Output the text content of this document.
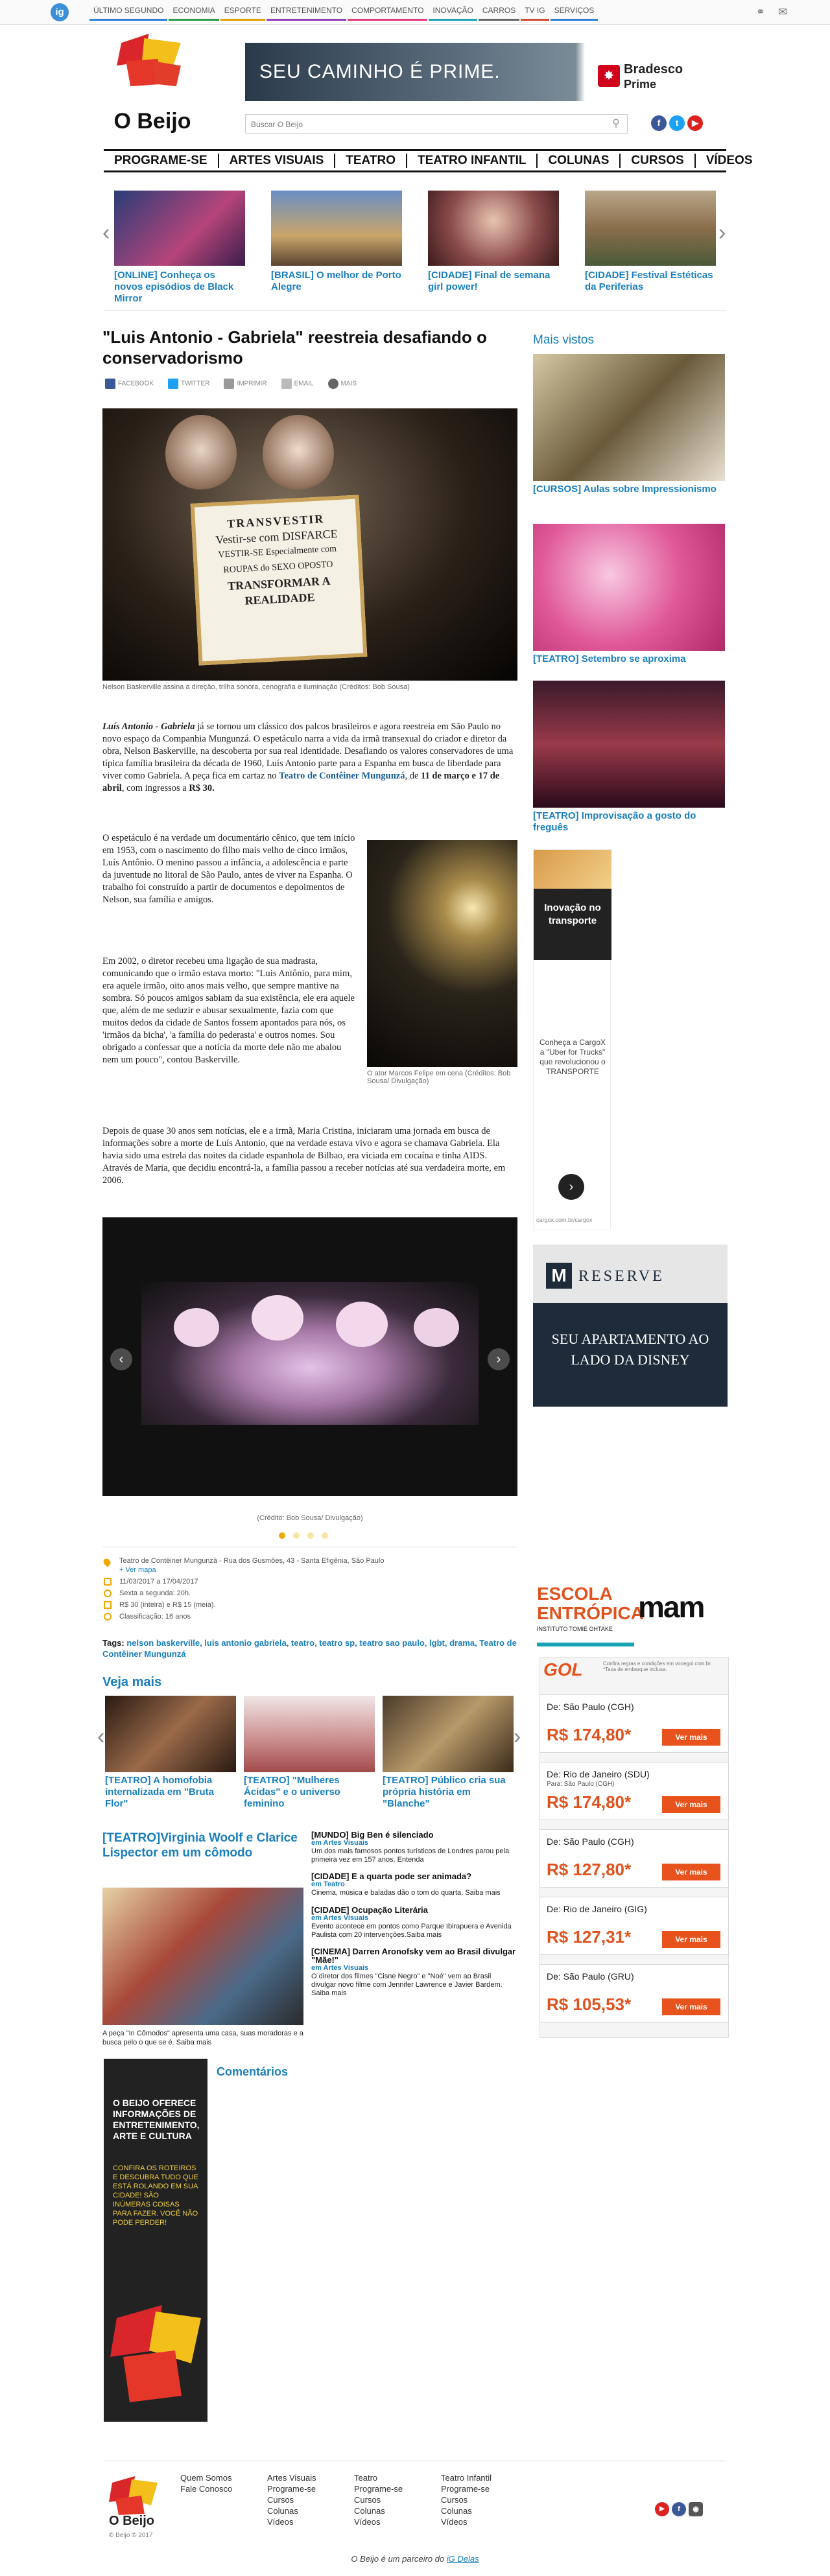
ig	ÚLTIMO SEGUNDO	ECONOMIA	ESPORTE	ENTRETENIMENTO	COMPORTAMENTO	INOVAÇÃO	CARROS	TV IG	SERVIÇOS	⚭ ✉
O Beijo
SEU CAMINHO É PRIME.	✸ Bradesco
Prime
Buscar O Beijo	⚲	f	t	▶
PROGRAME-SE	ARTES VISUAIS	TEATRO	TEATRO INFANTIL	COLUNAS	CURSOS	VÍDEOS
‹	›
[ONLINE] Conheça os novos episódios de Black Mirror
[BRASIL] O melhor de Porto Alegre
[CIDADE] Final de semana girl power!
[CIDADE] Festival Estéticas da Periferias
"Luis Antonio - Gabriela" reestreia desafiando o conservadorismo
FACEBOOK	TWITTER	IMPRIMIR	EMAIL	MAIS
TRANSVESTIR
Vestir-se com DISFARCE
VESTIR-SE Especialmente com
ROUPAS do SEXO OPOSTO
TRANSFORMAR A
REALIDADE
Nelson Baskerville assina a direção, trilha sonora, cenografia e iluminação (Créditos: Bob Sousa)
Luís Antonio - Gabriela já se tornou um clássico dos palcos brasileiros e agora reestreia em São Paulo no novo espaço da Companhia Mungunzá. O espetáculo narra a vida da irmã transexual do criador e diretor da obra, Nelson Baskerville, na descoberta por sua real identidade. Desafiando os valores conservadores de uma típica família brasileira da década de 1960, Luís Antonio parte para a Espanha em busca de liberdade para viver como Gabriela. A peça fica em cartaz no Teatro de Contêiner Mungunzá, de 11 de março e 17 de abril, com ingressos a R$ 30.
O espetáculo é na verdade um documentário cênico, que tem início em 1953, com o nascimento do filho mais velho de cinco irmãos, Luís Antônio. O menino passou a infância, a adolescência e parte da juventude no litoral de São Paulo, antes de viver na Espanha. O trabalho foi construído a partir de documentos e depoimentos de Nelson, sua família e amigos.
Em 2002, o diretor recebeu uma ligação de sua madrasta, comunicando que o irmão estava morto: "Luis Antônio, para mim, era aquele irmão, oito anos mais velho, que sempre mantive na sombra. Só poucos amigos sabiam da sua existência, ele era aquele que, além de me seduzir e abusar sexualmente, fazia com que muitos dedos da cidade de Santos fossem apontados para nós, os 'irmãos da bicha', 'a família do pederasta' e outros nomes. Sou obrigado a confessar que a notícia da morte dele não me abalou nem um pouco", contou Baskerville.
O ator Marcos Felipe em cena (Créditos: Bob Sousa/ Divulgação)
Depois de quase 30 anos sem notícias, ele e a irmã, Maria Cristina, iniciaram uma jornada em busca de informações sobre a morte de Luís Antonio, que na verdade estava vivo e agora se chamava Gabriela. Ela havia sido uma estrela das noites da cidade espanhola de Bilbao, era viciada em cocaína e tinha AIDS. Através de Maria, que decidiu encontrá-la, a família passou a receber notícias até sua verdadeira morte, em 2006.
‹	›
(Crédito: Bob Sousa/ Divulgação)
Teatro de Contêiner Mungunzá - Rua dos Gusmões, 43 - Santa Efigênia, São Paulo
+ Ver mapa
11/03/2017 a 17/04/2017
Sexta a segunda: 20h.
R$ 30 (inteira) e R$ 15 (meia).
Classificação: 16 anos
Tags: nelson baskerville, luis antonio gabriela, teatro, teatro sp, teatro sao paulo, lgbt, drama, Teatro de Contêiner Mungunzá
Veja mais
‹	›
[TEATRO] A homofobia internalizada em "Bruta Flor"
[TEATRO] "Mulheres Ácidas" e o universo feminino
[TEATRO] Público cria sua própria história em "Blanche"
[TEATRO]Virginia Woolf e Clarice Lispector em um cômodo
A peça "In Cômodos" apresenta uma casa, suas moradoras e a busca pelo o que se é. Saiba mais
[MUNDO] Big Ben é silenciado
em Artes Visuais
Um dos mais famosos pontos turísticos de Londres parou pela primeira vez em 157 anos. Entenda
[CIDADE] E a quarta pode ser animada?
em Teatro
Cinema, música e baladas dão o tom do quarta. Saiba mais
[CIDADE] Ocupação Literária
em Artes Visuais
Evento acontece em pontos como Parque Ibirapuera e Avenida Paulista com 20 intervenções.Saiba mais
[CINEMA] Darren Aronofsky vem ao Brasil divulgar "Mãe!"
em Artes Visuais
O diretor dos filmes "Cisne Negro" e "Noé" vem ao Brasil divulgar novo filme com Jennifer Lawrence e Javier Bardem. Saiba mais
O BEIJO OFERECE INFORMAÇÕES DE ENTRETENIMENTO, ARTE E CULTURA
CONFIRA OS ROTEIROS E DESCUBRA TUDO QUE ESTÁ ROLANDO EM SUA CIDADE! SÃO INÚMERAS COISAS PARA FAZER. VOCÊ NÃO PODE PERDER!
Comentários
Mais vistos
[CURSOS] Aulas sobre Impressionismo
[TEATRO] Setembro se aproxima
[TEATRO] Improvisação a gosto do freguês
Inovação no transporte
Conheça a CargoX a "Uber for Trucks" que revolucionou o TRANSPORTE
›
cargox.com.br/cargox
M RESERVE
SEU APARTAMENTO AO LADO DA DISNEY
ESCOLA ENTRÓPICA
INSTITUTO TOMIE OHTAKE
mam
GOL	Confira regras e condições em vooegol.com.br. *Taxa de embarque inclusa.
De: São Paulo (CGH)
R$ 174,80*	Ver mais
De: Rio de Janeiro (SDU)
Para: São Paulo (CGH)
R$ 174,80*	Ver mais
De: São Paulo (CGH)
R$ 127,80*	Ver mais
De: Rio de Janeiro (GIG)
R$ 127,31*	Ver mais
De: São Paulo (GRU)
R$ 105,53*	Ver mais
O Beijo
© Beijo © 2017
Quem Somos
Fale Conosco
Artes Visuais
Programe-se
Cursos
Colunas
Vídeos
Teatro
Programe-se
Cursos
Colunas
Vídeos
Teatro Infantil
Programe-se
Cursos
Colunas
Vídeos
▶	f	◉
O Beijo é um parceiro do iG Delas
